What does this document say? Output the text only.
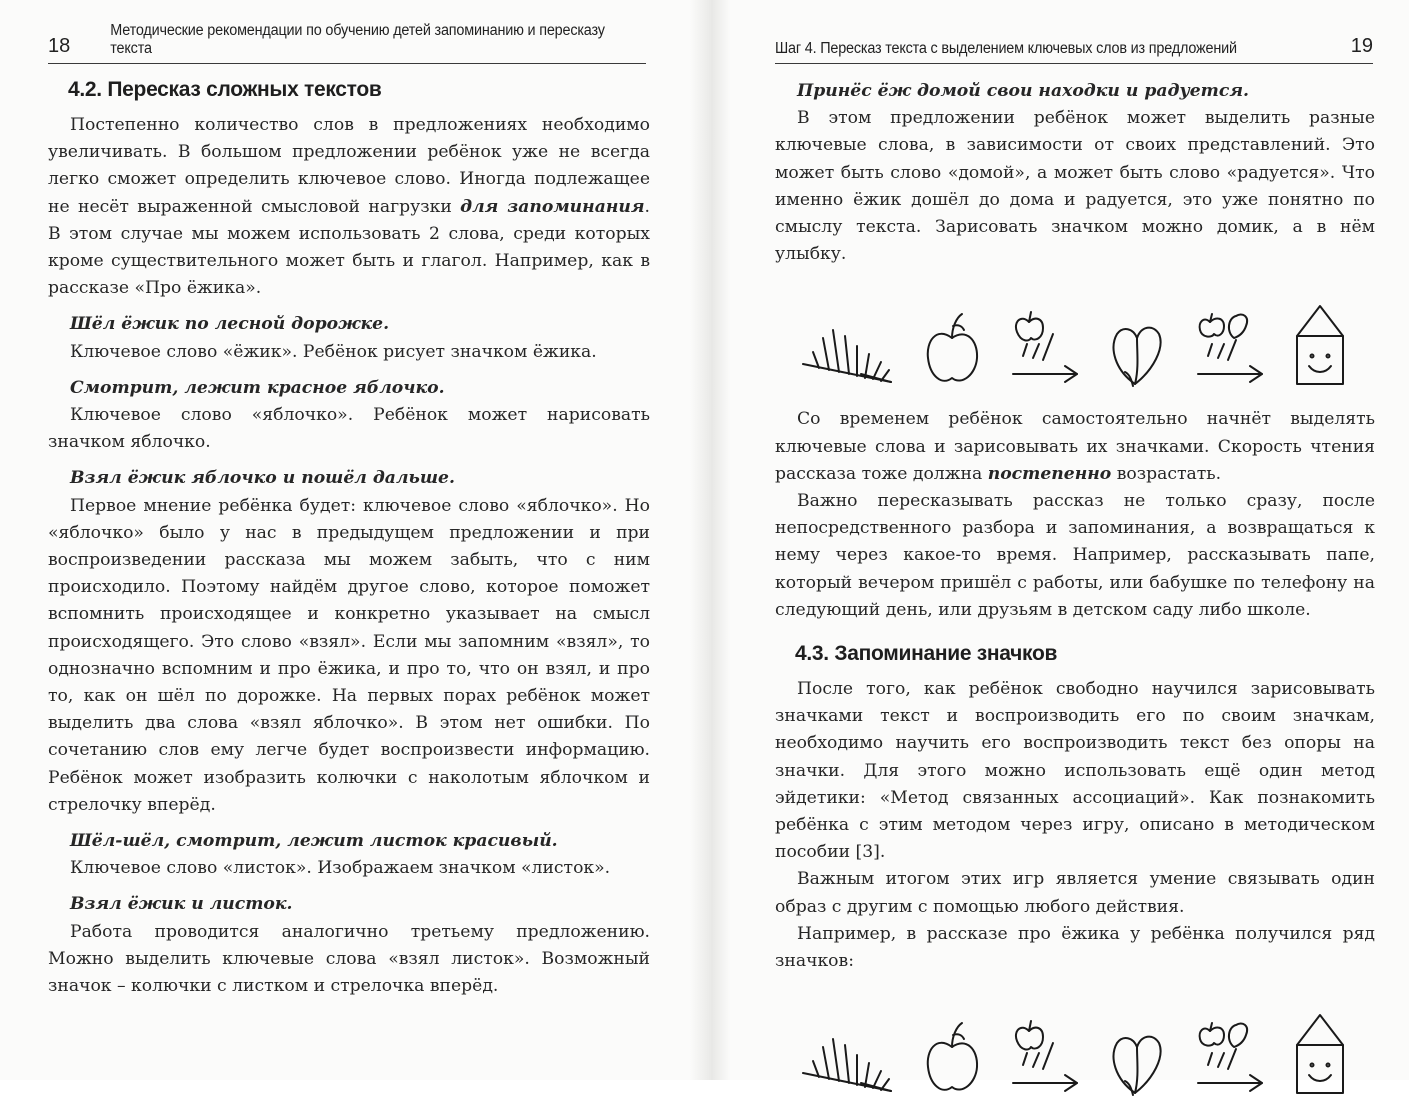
18
Методические рекомендации по обучению детей запоминанию и пересказу текста
4.2. Пересказ сложных текстов

Постепенно количество слов в предложениях необходимо увеличивать. В большом предложении ребёнок уже не всегда легко сможет определить ключевое слово. Иногда подлежащее не несёт выраженной смысловой нагрузки для запоминания. В этом случае мы можем использовать 2 слова, среди которых кроме существительного может быть и глагол. Например, как в рассказе «Про ёжика».

Шёл ёжик по лесной дорожке.

Ключевое слово «ёжик». Ребёнок рисует значком ёжика.

Смотрит, лежит красное яблочко.

Ключевое слово «яблочко». Ребёнок может нарисовать значком яблочко.

Взял ёжик яблочко и пошёл дальше.

Первое мнение ребёнка будет: ключевое слово «яблочко». Но «яблочко» было у нас в предыдущем предложении и при воспроизведении рассказа мы можем забыть, что с ним происходило. Поэтому найдём другое слово, которое поможет вспомнить происходящее и конкретно указывает на смысл происходящего. Это слово «взял». Если мы запомним «взял», то однозначно вспомним и про ёжика, и про то, что он взял, и про то, как он шёл по дорожке. На первых порах ребёнок может выделить два слова «взял яблочко». В этом нет ошибки. По сочетанию слов ему легче будет воспроизвести информацию. Ребёнок может изобразить колючки с наколотым яблочком и стрелочку вперёд.

Шёл-шёл, смотрит, лежит листок красивый.

Ключевое слово «листок». Изображаем значком «листок».

Взял ёжик и листок.

Работа проводится аналогично третьему предложению. Можно выделить ключевые слова «взял листок». Возможный значок – колючки с листком и стрелочка вперёд.

Шаг 4. Пересказ текста с выделением ключевых слов из предложений	19

Принёс ёж домой свои находки и радуется.

В этом предложении ребёнок может выделить разные ключевые слова, в зависимости от своих представлений. Это может быть слово «домой», а может быть слово «радуется». Что именно ёжик дошёл до дома и радуется, это уже понятно по смыслу текста. Зарисовать значком можно домик, а в нём улыбку.

Со временем ребёнок самостоятельно начнёт выделять ключевые слова и зарисовывать их значками. Скорость чтения рассказа тоже должна постепенно возрастать.

Важно пересказывать рассказ не только сразу, после непосредственного разбора и запоминания, а возвращаться к нему через какое-то время. Например, рассказывать папе, который вечером пришёл с работы, или бабушке по телефону на следующий день, или друзьям в детском саду либо школе.

4.3. Запоминание значков

После того, как ребёнок свободно научился зарисовывать значками текст и воспроизводить его по своим значкам, необходимо научить его воспроизводить текст без опоры на значки. Для этого можно использовать ещё один метод эйдетики: «Метод связанных ассоциаций». Как познакомить ребёнка с этим методом через игру, описано в методическом пособии [3].

Важным итогом этих игр является умение связывать один образ с другим с помощью любого действия.

Например, в рассказе про ёжика у ребёнка получился ряд значков:
